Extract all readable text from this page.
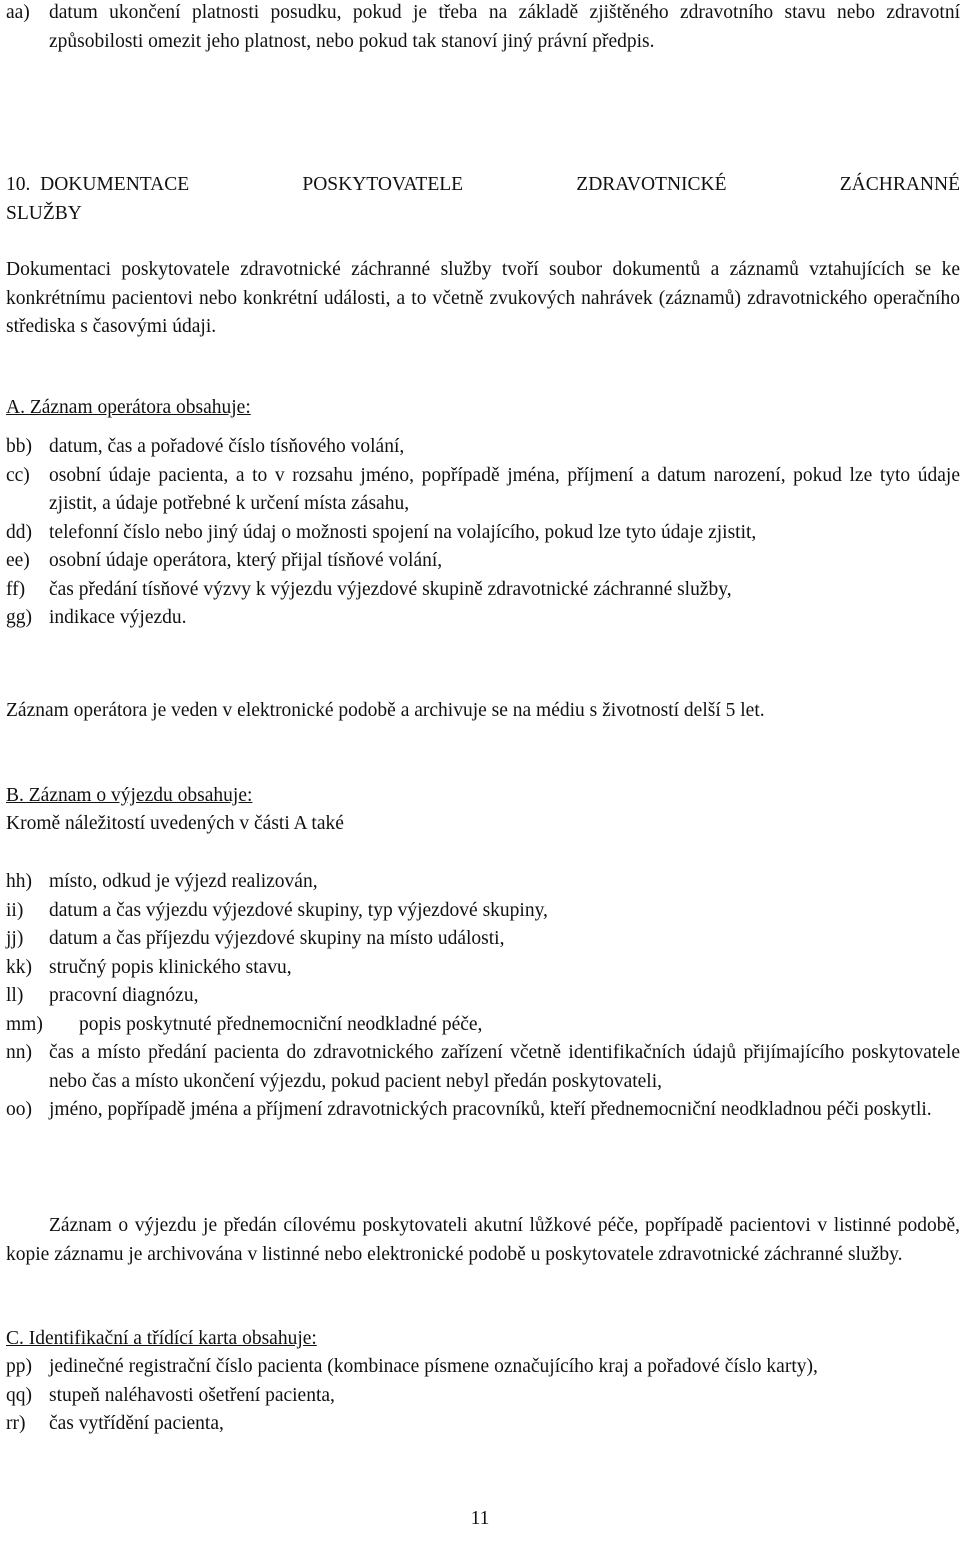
aa) datum ukončení platnosti posudku, pokud je třeba na základě zjištěného zdravotního stavu nebo zdravotní způsobilosti omezit jeho platnost, nebo pokud tak stanoví jiný právní předpis.
10. DOKUMENTACE	POSKYTOVATELE	ZDRAVOTNICKÉ	ZÁCHRANNÉ
SLUŽBY
Dokumentaci poskytovatele zdravotnické záchranné služby tvoří soubor dokumentů a záznamů vztahujících se ke konkrétnímu pacientovi nebo konkrétní události, a to včetně zvukových nahrávek (záznamů) zdravotnického operačního střediska s časovými údaji.
A. Záznam operátora obsahuje:
bb) datum, čas a pořadové číslo tísňového volání,
cc) osobní údaje pacienta, a to v rozsahu jméno, popřípadě jména, příjmení a datum narození, pokud lze tyto údaje zjistit, a údaje potřebné k určení místa zásahu,
dd) telefonní číslo nebo jiný údaj o možnosti spojení na volajícího, pokud lze tyto údaje zjistit,
ee) osobní údaje operátora, který přijal tísňové volání,
ff) čas předání tísňové výzvy k výjezdu výjezdové skupině zdravotnické záchranné služby,
gg) indikace výjezdu.
Záznam operátora je veden v elektronické podobě a archivuje se na médiu s životností delší 5 let.
B. Záznam o výjezdu obsahuje:
Kromě náležitostí uvedených v části A také
hh) místo, odkud je výjezd realizován,
ii) datum a čas výjezdu výjezdové skupiny, typ výjezdové skupiny,
jj) datum a čas příjezdu výjezdové skupiny na místo události,
kk) stručný popis klinického stavu,
ll) pracovní diagnózu,
mm) popis poskytnuté přednemocniční neodkladné péče,
nn) čas a místo předání pacienta do zdravotnického zařízení včetně identifikačních údajů přijímajícího poskytovatele nebo čas a místo ukončení výjezdu, pokud pacient nebyl předán poskytovateli,
oo) jméno, popřípadě jména a příjmení zdravotnických pracovníků, kteří přednemocniční neodkladnou péči poskytli.
Záznam o výjezdu je předán cílovému poskytovateli akutní lůžkové péče, popřípadě pacientovi v listinné podobě, kopie záznamu je archivována v listinné nebo elektronické podobě u poskytovatele zdravotnické záchranné služby.
C. Identifikační a třídící karta obsahuje:
pp) jedinečné registrační číslo pacienta (kombinace písmene označujícího kraj a pořadové číslo karty),
qq) stupeň naléhavosti ošetření pacienta,
rr) čas vytřídění pacienta,
11
